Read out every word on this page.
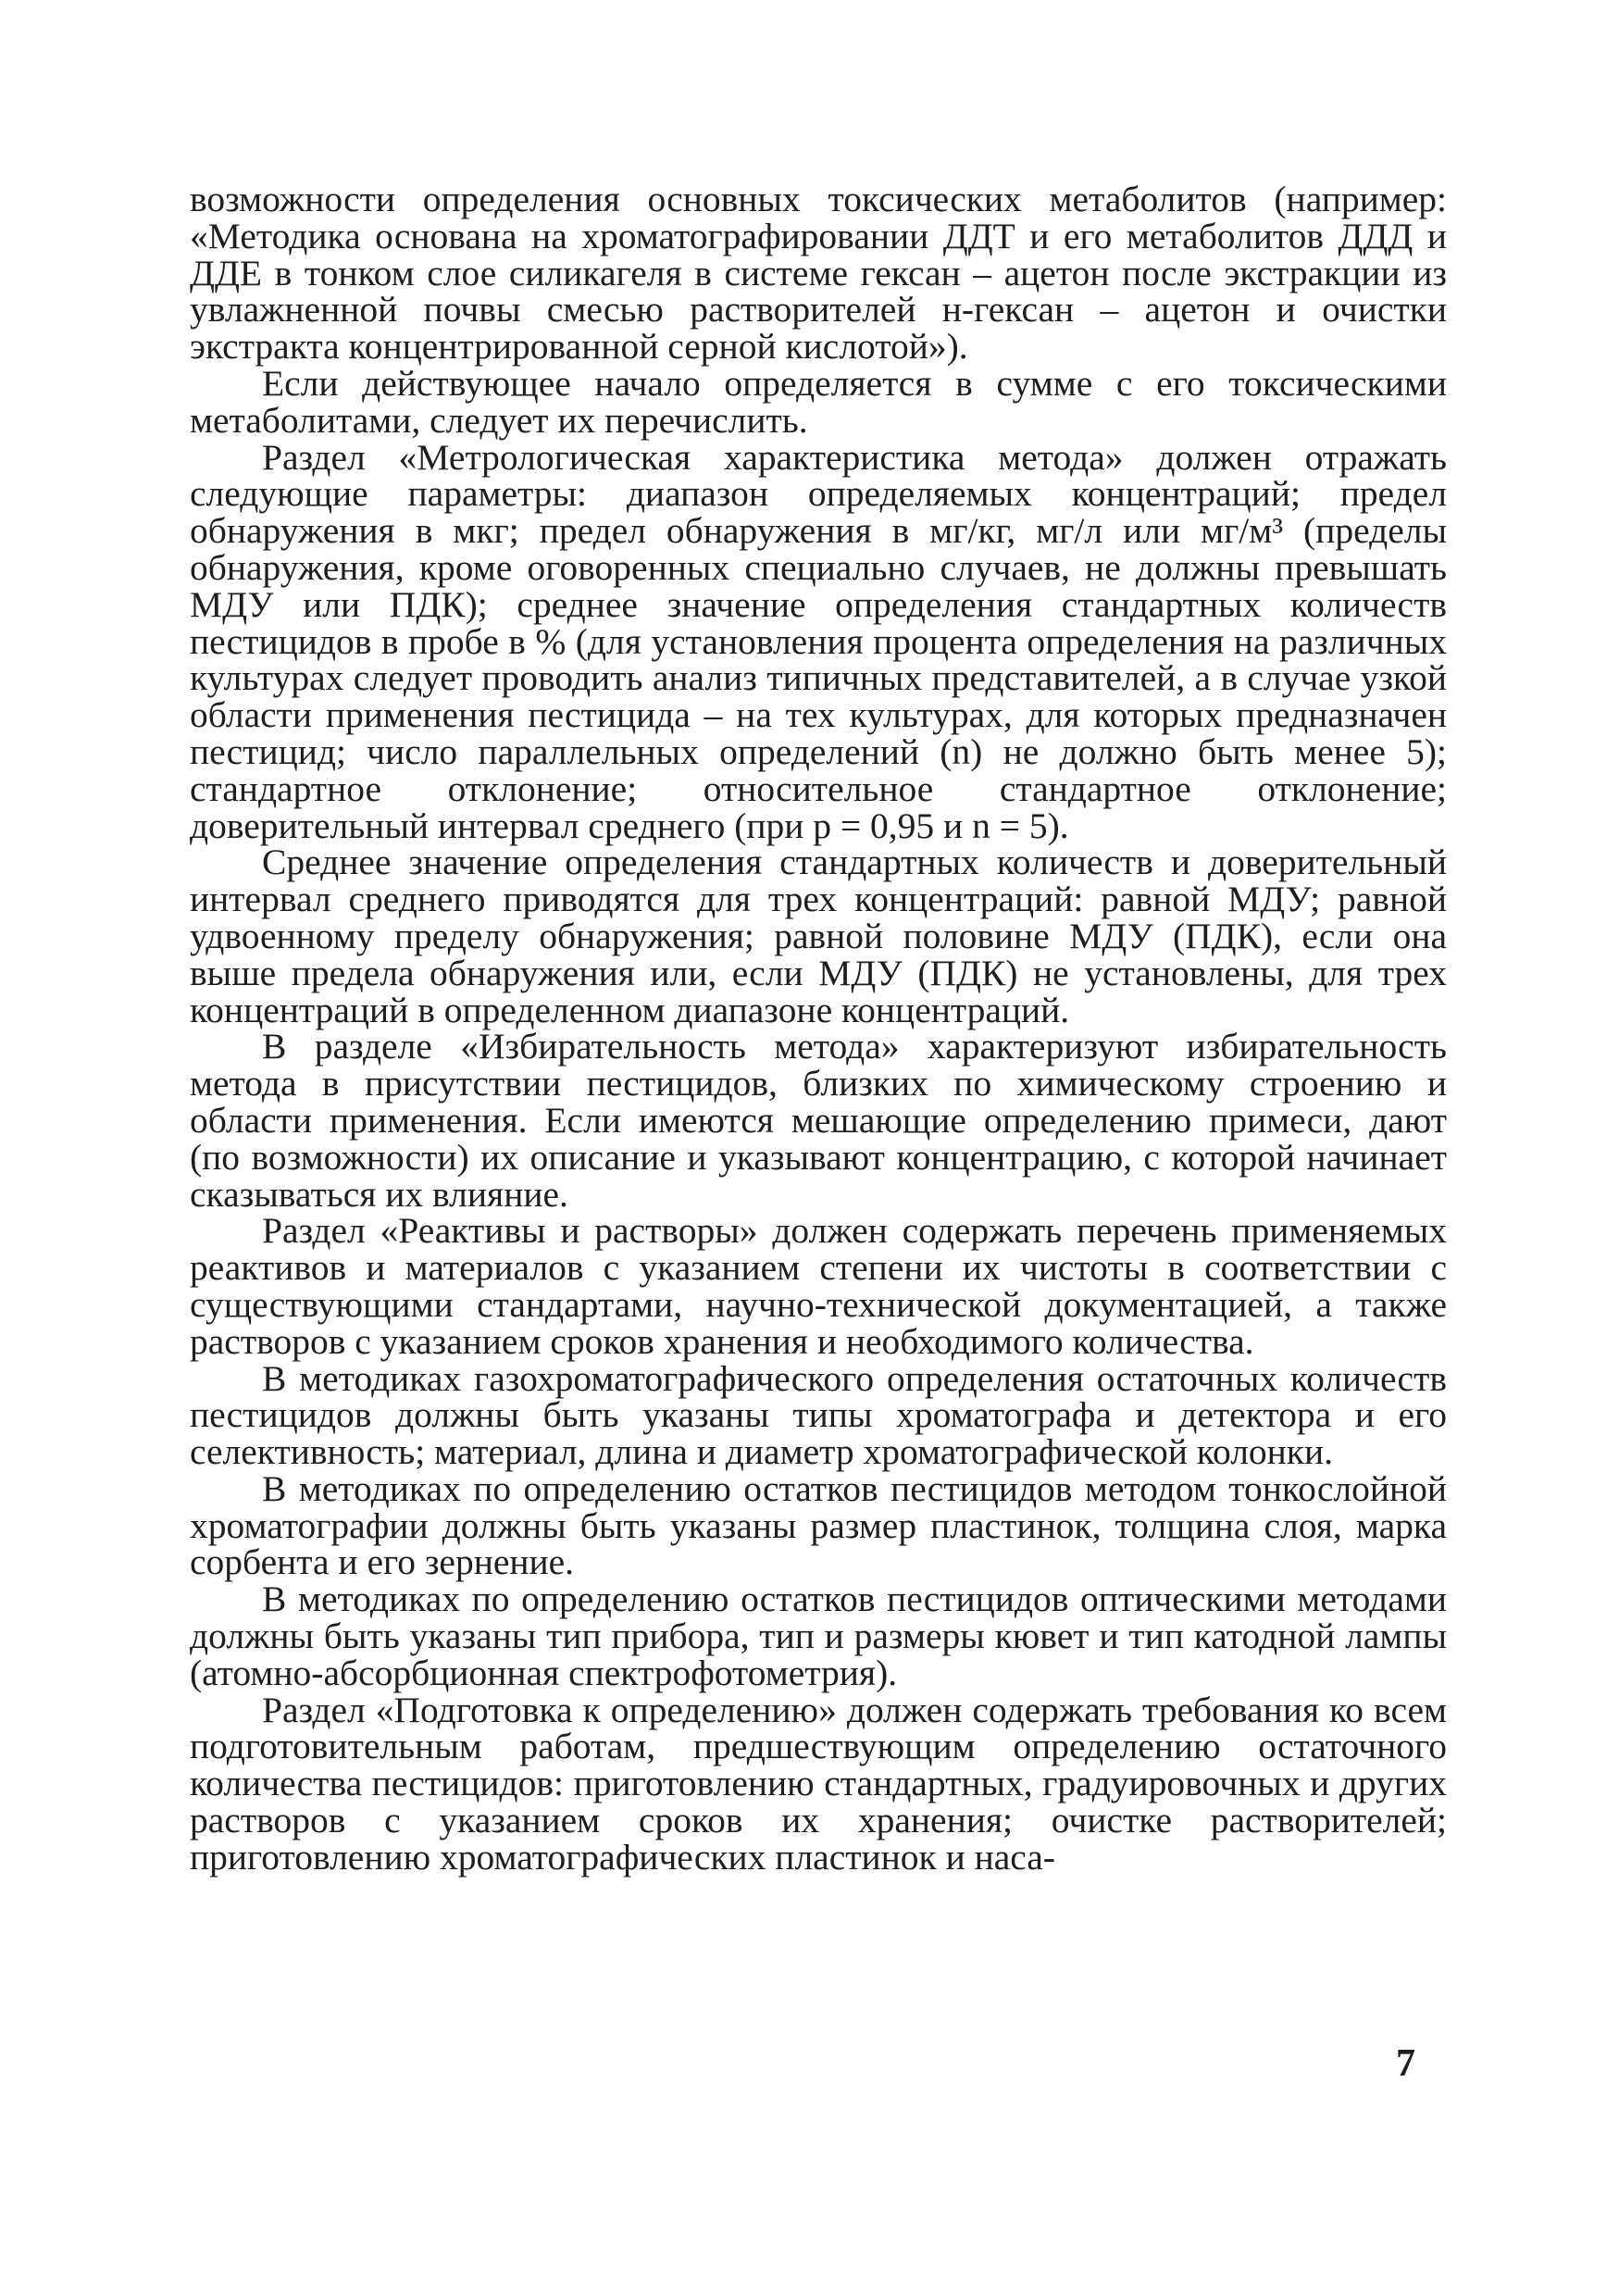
возможности определения основных токсических метаболитов (например: «Методика основана на хроматографировании ДДТ и его метаболитов ДДД и ДДЕ в тонком слое силикагеля в системе гексан – ацетон после экстракции из увлажненной почвы смесью растворителей н-гексан – ацетон и очистки экстракта концентрированной серной кислотой»).

Если действующее начало определяется в сумме с его токсическими метаболитами, следует их перечислить.

Раздел «Метрологическая характеристика метода» должен отражать следующие параметры: диапазон определяемых концентраций; предел обнаружения в мкг; предел обнаружения в мг/кг, мг/л или мг/м³ (пределы обнаружения, кроме оговоренных специально случаев, не должны превышать МДУ или ПДК); среднее значение определения стандартных количеств пестицидов в пробе в % (для установления процента определения на различных культурах следует проводить анализ типичных представителей, а в случае узкой области применения пестицида – на тех культурах, для которых предназначен пестицид; число параллельных определений (n) не должно быть менее 5); стандартное отклонение; относительное стандартное отклонение; доверительный интервал среднего (при p = 0,95 и n = 5).

Среднее значение определения стандартных количеств и доверительный интервал среднего приводятся для трех концентраций: равной МДУ; равной удвоенному пределу обнаружения; равной половине МДУ (ПДК), если она выше предела обнаружения или, если МДУ (ПДК) не установлены, для трех концентраций в определенном диапазоне концентраций.

В разделе «Избирательность метода» характеризуют избирательность метода в присутствии пестицидов, близких по химическому строению и области применения. Если имеются мешающие определению примеси, дают (по возможности) их описание и указывают концентрацию, с которой начинает сказываться их влияние.

Раздел «Реактивы и растворы» должен содержать перечень применяемых реактивов и материалов с указанием степени их чистоты в соответствии с существующими стандартами, научно-технической документацией, а также растворов с указанием сроков хранения и необходимого количества.

В методиках газохроматографического определения остаточных количеств пестицидов должны быть указаны типы хроматографа и детектора и его селективность; материал, длина и диаметр хроматографической колонки.

В методиках по определению остатков пестицидов методом тонкослойной хроматографии должны быть указаны размер пластинок, толщина слоя, марка сорбента и его зернение.

В методиках по определению остатков пестицидов оптическими методами должны быть указаны тип прибора, тип и размеры кювет и тип катодной лампы (атомно-абсорбционная спектрофотометрия).

Раздел «Подготовка к определению» должен содержать требования ко всем подготовительным работам, предшествующим определению остаточного количества пестицидов: приготовлению стандартных, градуировочных и других растворов с указанием сроков их хранения; очистке растворителей; приготовлению хроматографических пластинок и наса-

7
